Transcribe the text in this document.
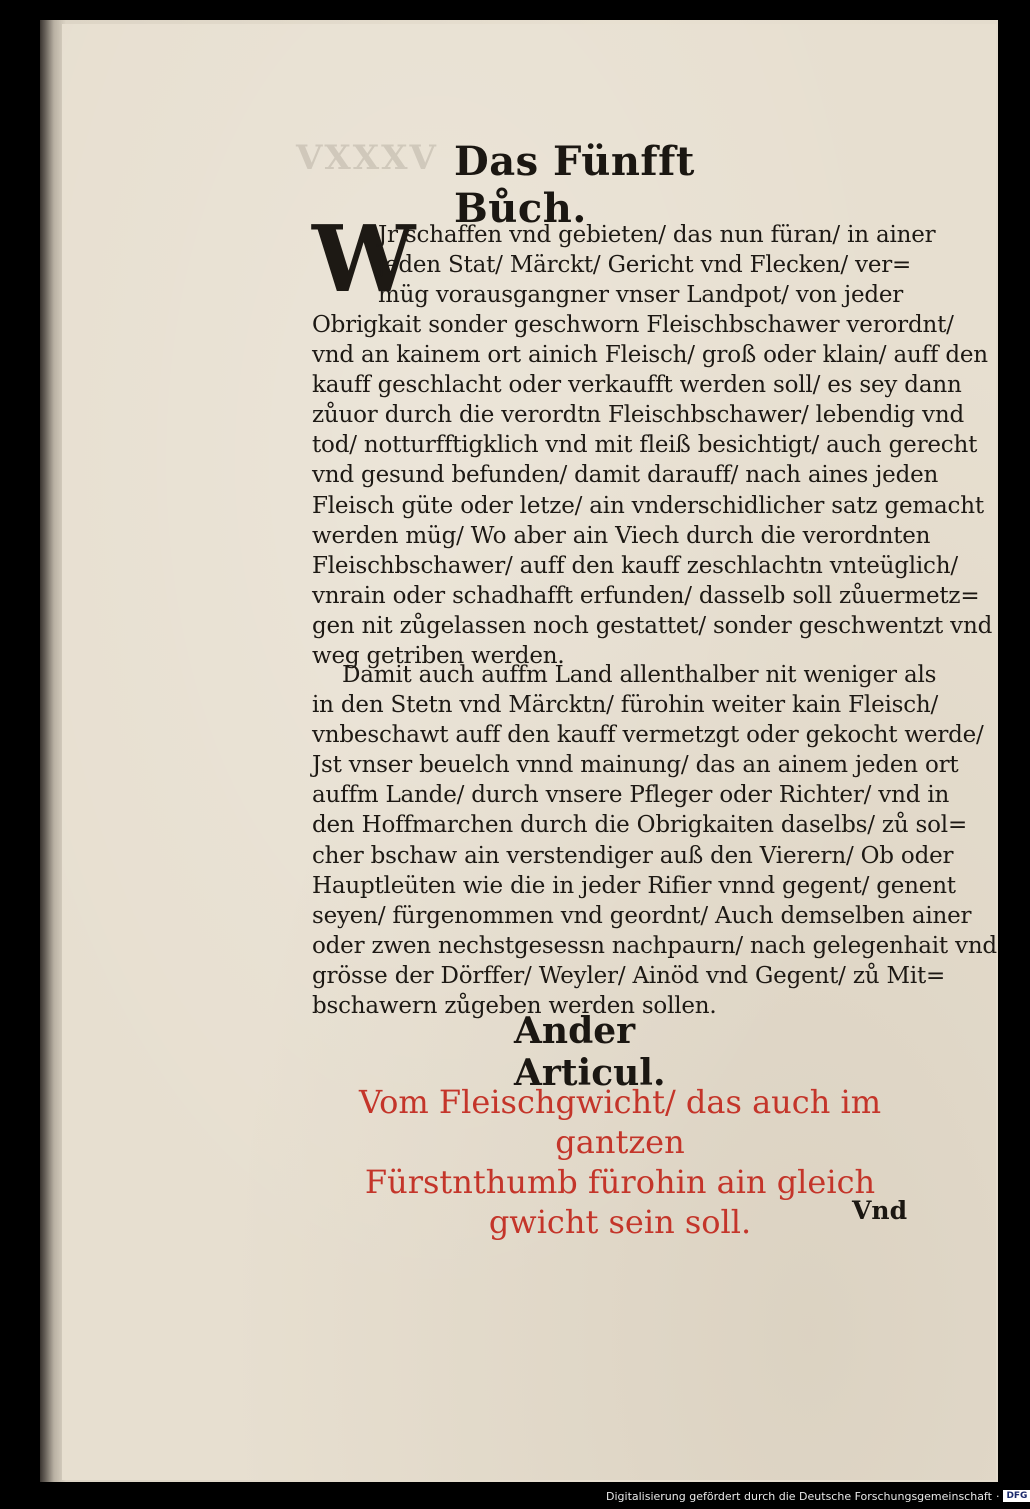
VXXXV Das Fünfft Bůch.
W
Jr schaffen vnd gebieten/ das nun füran/ in ainer
jeden Stat/ Märckt/ Gericht vnd Flecken/ ver=
müg vorausgangner vnser Landpot/ von jeder
Obrigkait sonder geschworn Fleischbschawer verordnt/
vnd an kainem ort ainich Fleisch/ groß oder klain/ auff den
kauff geschlacht oder verkaufft werden soll/ es sey dann
zůuor durch die verordtn Fleischbschawer/ lebendig vnd
tod/ notturfftigklich vnd mit fleiß besichtigt/ auch gerecht
vnd gesund befunden/ damit darauff/ nach aines jeden
Fleisch güte oder letze/ ain vnderschidlicher satz gemacht
werden müg/ Wo aber ain Viech durch die verordnten
Fleischbschawer/ auff den kauff zeschlachtn vnteüglich/
vnrain oder schadhafft erfunden/ dasselb soll zůuermetz=
gen nit zůgelassen noch gestattet/ sonder geschwentzt vnd
weg getriben werden.
Damit auch auffm Land allenthalber nit weniger als
in den Stetn vnd Märcktn/ fürohin weiter kain Fleisch/
vnbeschawt auff den kauff vermetzgt oder gekocht werde/
Jst vnser beuelch vnnd mainung/ das an ainem jeden ort
auffm Lande/ durch vnsere Pfleger oder Richter/ vnd in
den Hoffmarchen durch die Obrigkaiten daselbs/ zů sol=
cher bschaw ain verstendiger auß den Vierern/ Ob oder
Hauptleüten wie die in jeder Rifier vnnd gegent/ genent
seyen/ fürgenommen vnd geordnt/ Auch demselben ainer
oder zwen nechstgesessn nachpaurn/ nach gelegenhait vnd
grösse der Dörffer/ Weyler/ Ainöd vnd Gegent/ zů Mit=
bschawern zůgeben werden sollen.
Ander Articul.
Vom Fleischgwicht/ das auch im gantzen
Fürstnthumb fürohin ain gleich
gwicht sein soll.	Vnd
Digitalisierung gefördert durch die Deutsche Forschungsgemeinschaft · DFG
